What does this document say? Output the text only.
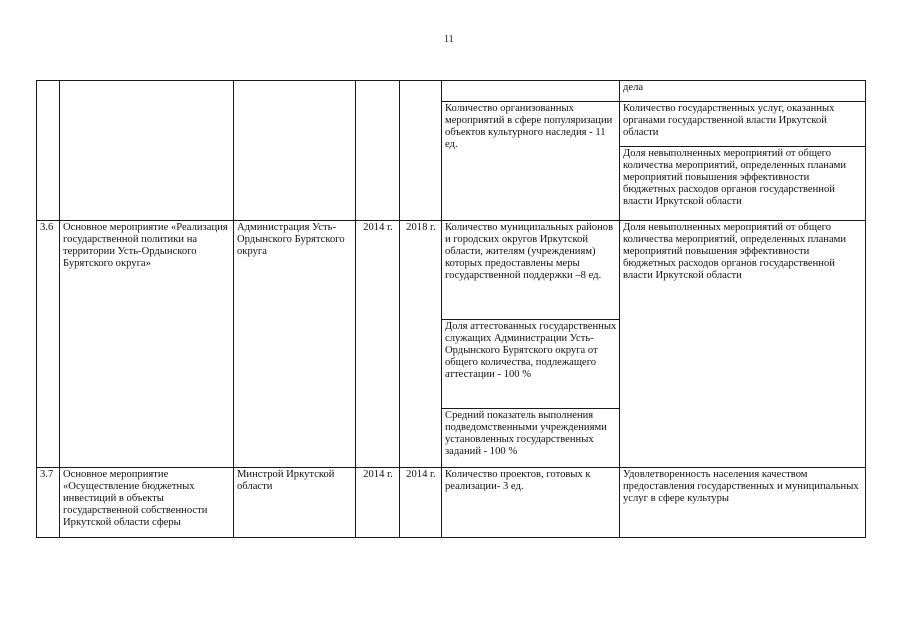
11
						дела
					Количество организованных мероприятий в сфере популяризации объектов культурного наследия - 11 ед.	Количество государственных услуг, оказанных органами государственной власти Иркутской области
						Доля невыполненных мероприятий от общего количества мероприятий, определенных планами мероприятий повышения эффективности бюджетных расходов органов государственной власти Иркутской области
3.6	Основное мероприятие «Реализация государственной политики на территории Усть-Ордынского Бурятского округа»	Администрация Усть-Ордынского Бурятского округа	2014 г.	2018 г.	Количество муниципальных районов и городских округов Иркутской области, жителям (учреждениям) которых предоставлены меры государственной поддержки –8 ед.	Доля невыполненных мероприятий от общего количества мероприятий, определенных планами мероприятий повышения эффективности бюджетных расходов органов государственной власти Иркутской области
					Доля аттестованных государственных служащих Администрации Усть-Ордынского Бурятского округа от общего количества, подлежащего аттестации - 100 %	
					Средний показатель выполнения подведомственными учреждениями установленных государственных заданий - 100 %	
3.7	Основное мероприятие «Осуществление бюджетных инвестиций в объекты государственной собственности Иркутской области сферы	Минстрой Иркутской области	2014 г.	2014 г.	Количество проектов, готовых к реализации- 3 ед.	Удовлетворенность населения качеством предоставления государственных и муниципальных услуг в сфере культуры
